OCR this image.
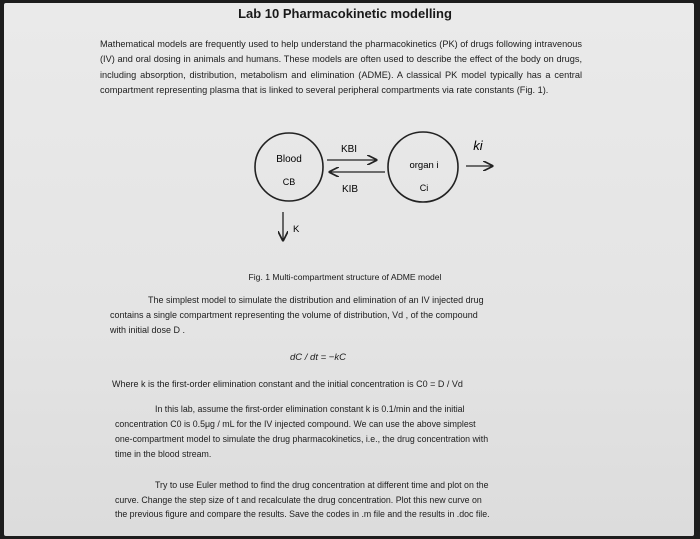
Lab 10 Pharmacokinetic modelling
Mathematical models are frequently used to help understand the pharmacokinetics (PK) of drugs following intravenous (IV) and oral dosing in animals and humans. These models are often used to describe the effect of the body on drugs, including absorption, distribution, metabolism and elimination (ADME). A classical PK model typically has a central compartment representing plasma that is linked to several peripheral compartments via rate constants (Fig. 1).
Blood
CB
organ i
Ci
KBI
KIB
ki
K
Fig. 1 Multi-compartment structure of ADME model
The simplest model to simulate the distribution and elimination of an IV injected drug
contains a single compartment representing the volume of distribution, Vd , of the compound
with initial dose D .
dC / dt = −kC
Where k is the first-order elimination constant and the initial concentration is C0 = D / Vd
In this lab, assume the first-order elimination constant k is 0.1/min and the initial
concentration C0 is 0.5μg / mL for the IV injected compound. We can use the above simplest
one-compartment model to simulate the drug pharmacokinetics, i.e., the drug concentration with
time in the blood stream.
Try to use Euler method to find the drug concentration at different time and plot on the
curve. Change the step size of t and recalculate the drug concentration. Plot this new curve on
the previous figure and compare the results. Save the codes in .m file and the results in .doc file.
